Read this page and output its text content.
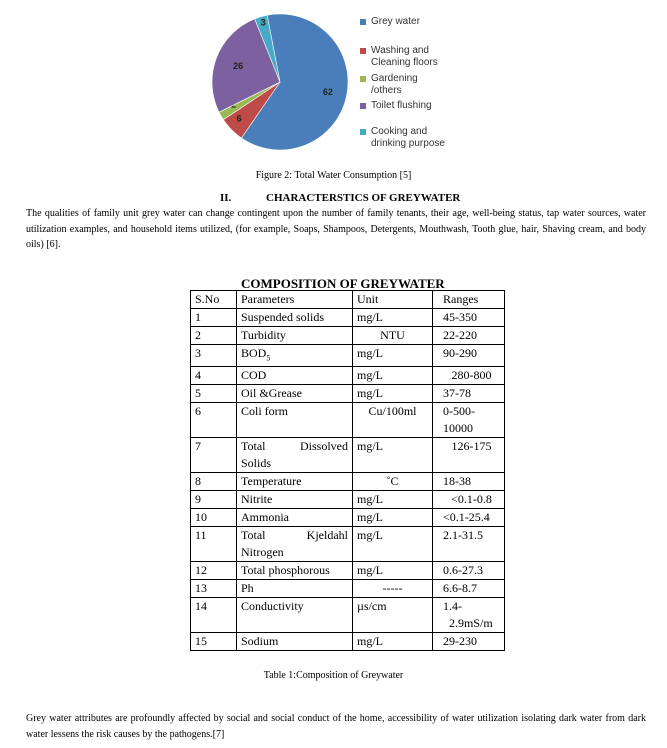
62
6
26
3	Grey water
Washing and
Cleaning floors
Gardening
/others
Toilet flushing
Cooking and
drinking purpose
Figure 2: Total Water Consumption [5]
II.	CHARACTERSTICS OF GREYWATER
The qualities of family unit grey water can change contingent upon the number of family tenants, their age, well-being status, tap water sources, water utilization examples, and household items utilized, (for example, Soaps, Shampoos, Detergents, Mouthwash, Tooth glue, hair, Shaving cream, and body oils) [6].
COMPOSITION OF GREYWATER
S.No	Parameters	Unit	Ranges
1	Suspended solids	mg/L	45-350
2	Turbidity	NTU	22-220
3	$BOD_5$	mg/L	90-290
4	COD	mg/L	280-800
5	Oil &Grease	mg/L	37-78
6	Coli form	Cu/100ml	0-500-
10000
7	Total Dissolved
Solids	mg/L	126-175
8	Temperature	˚C	18-38
9	Nitrite	mg/L	<0.1-0.8
10	Ammonia	mg/L	<0.1-25.4
11	Total Kjeldahl
Nitrogen	mg/L	2.1-31.5
12	Total phosphorous	mg/L	0.6-27.3
13	Ph	-----	6.6-8.7
14	Conductivity	µs/cm	1.4-
2.9mS/m
15	Sodium	mg/L	29-230
Table 1:Composition of Greywater
Grey water attributes are profoundly affected by social and social conduct of the home, accessibility of water utilization isolating dark water from dark water lessens the risk causes by the pathogens.[7]
